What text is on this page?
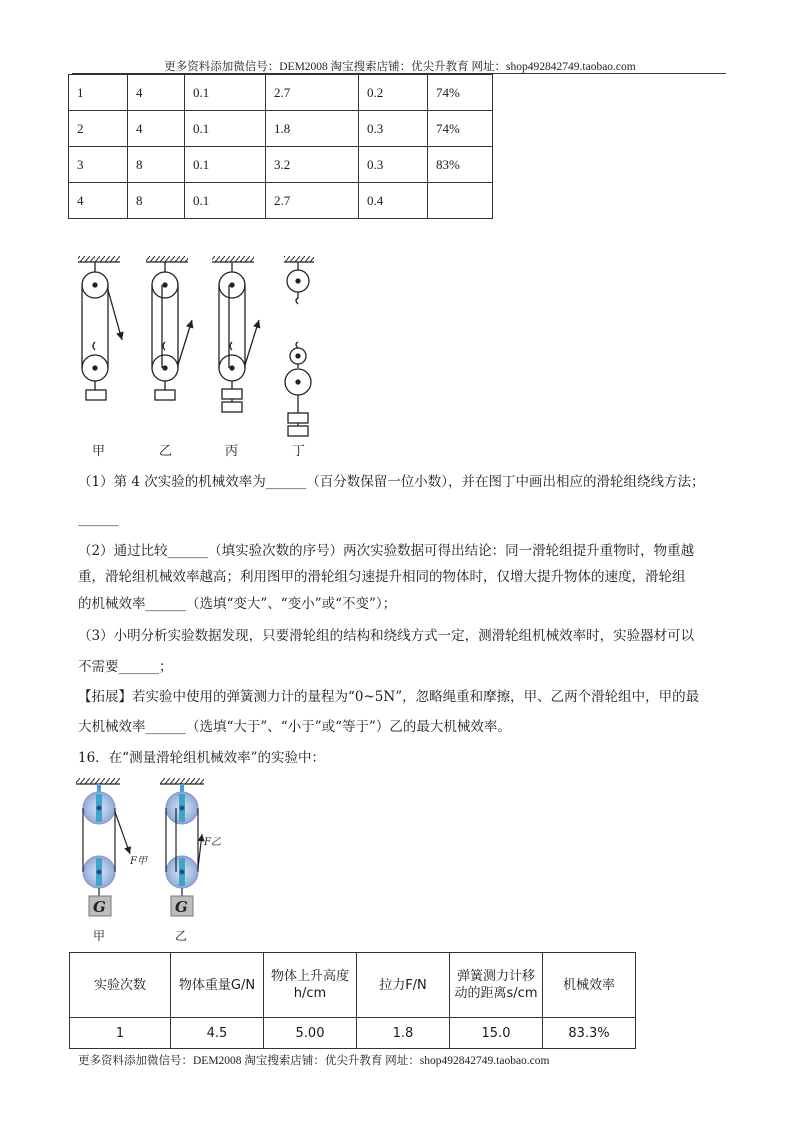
更多资料添加微信号：DEM2008 淘宝搜索店铺：优尖升教育 网址：shop492842749.taobao.com
1	4	0.1	2.7	0.2	74%
2	4	0.1	1.8	0.3	74%
3	8	0.1	3.2	0.3	83%
4	8	0.1	2.7	0.4	
甲	乙	丙	丁
（1）第 4 次实验的机械效率为______（百分数保留一位小数），并在图丁中画出相应的滑轮组绕线方法；
______
（2）通过比较______（填实验次数的序号）两次实验数据可得出结论：同一滑轮组提升重物时，物重越
重，滑轮组机械效率越高；利用图甲的滑轮组匀速提升相同的物体时，仅增大提升物体的速度，滑轮组
的机械效率______（选填“变大”、“变小”或“不变”）；
（3）小明分析实验数据发现，只要滑轮组的结构和绕线方式一定，测滑轮组机械效率时，实验器材可以
不需要______；
【拓展】若实验中使用的弹簧测力计的量程为“0~5N”，忽略绳重和摩擦，甲、乙两个滑轮组中，甲的最
大机械效率______（选填“大于”、“小于”或“等于”）乙的最大机械效率。
16．在“测量滑轮组机械效率”的实验中：
G
F甲
G
F乙
甲	乙
实验次数	物体重量G/N	物体上升高度h/cm	拉力F/N	弹簧测力计移动的距离s/cm	机械效率
1	4.5	5.00	1.8	15.0	83.3%
更多资料添加微信号：DEM2008 淘宝搜索店铺：优尖升教育 网址：shop492842749.taobao.com
